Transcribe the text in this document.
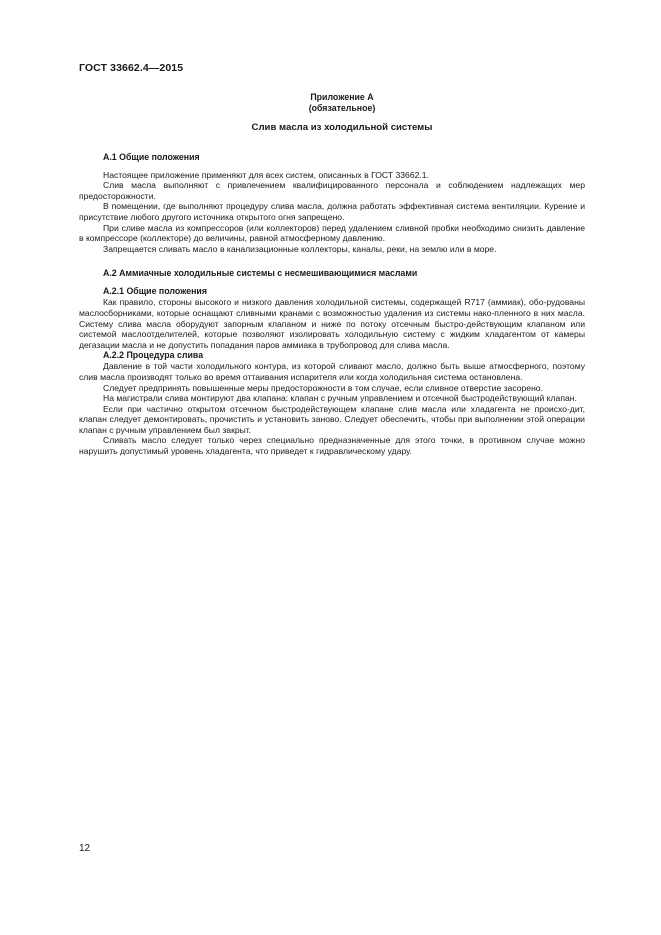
ГОСТ 33662.4—2015
Приложение А
(обязательное)
Слив масла из холодильной системы
А.1 Общие положения

Настоящее приложение применяют для всех систем, описанных в ГОСТ 33662.1.

Слив масла выполняют с привлечением квалифицированного персонала и соблюдением надлежащих мер предосторожности.

В помещении, где выполняют процедуру слива масла, должна работать эффективная система вентиляции. Курение и присутствие любого другого источника открытого огня запрещено.

При сливе масла из компрессоров (или коллекторов) перед удалением сливной пробки необходимо снизить давление в компрессоре (коллекторе) до величины, равной атмосферному давлению.

Запрещается сливать масло в канализационные коллекторы, каналы, реки, на землю или в море.

А.2 Аммиачные холодильные системы с несмешивающимися маслами
А.2.1 Общие положения

Как правило, стороны высокого и низкого давления холодильной системы, содержащей R717 (аммиак), обо-рудованы маслосборниками, которые оснащают сливными кранами с возможностью удаления из системы нако-пленного в них масла. Систему слива масла оборудуют запорным клапаном и ниже по потоку отсечным быстро-действующим клапаном или системой маслоотделителей, которые позволяют изолировать холодильную систему с жидким хладагентом от камеры дегазации масла и не допустить попадания паров аммиака в трубопровод для слива масла.

А.2.2 Процедура слива

Давление в той части холодильного контура, из которой сливают масло, должно быть выше атмосферного, поэтому слив масла производят только во время оттаивания испарителя или когда холодильная система остановлена.

Следует предпринять повышенные меры предосторожности в том случае, если сливное отверстие засорено.

На магистрали слива монтируют два клапана: клапан с ручным управлением и отсечной быстродействующий клапан.

Если при частично открытом отсечном быстродействующем клапане слив масла или хладагента не происхо-дит, клапан следует демонтировать, прочистить и установить заново. Следует обеспечить, чтобы при выполнении этой операции клапан с ручным управлением был закрыт.

Сливать масло следует только через специально предназначенные для этого точки, в противном случае можно нарушить допустимый уровень хладагента, что приведет к гидравлическому удару.

12
